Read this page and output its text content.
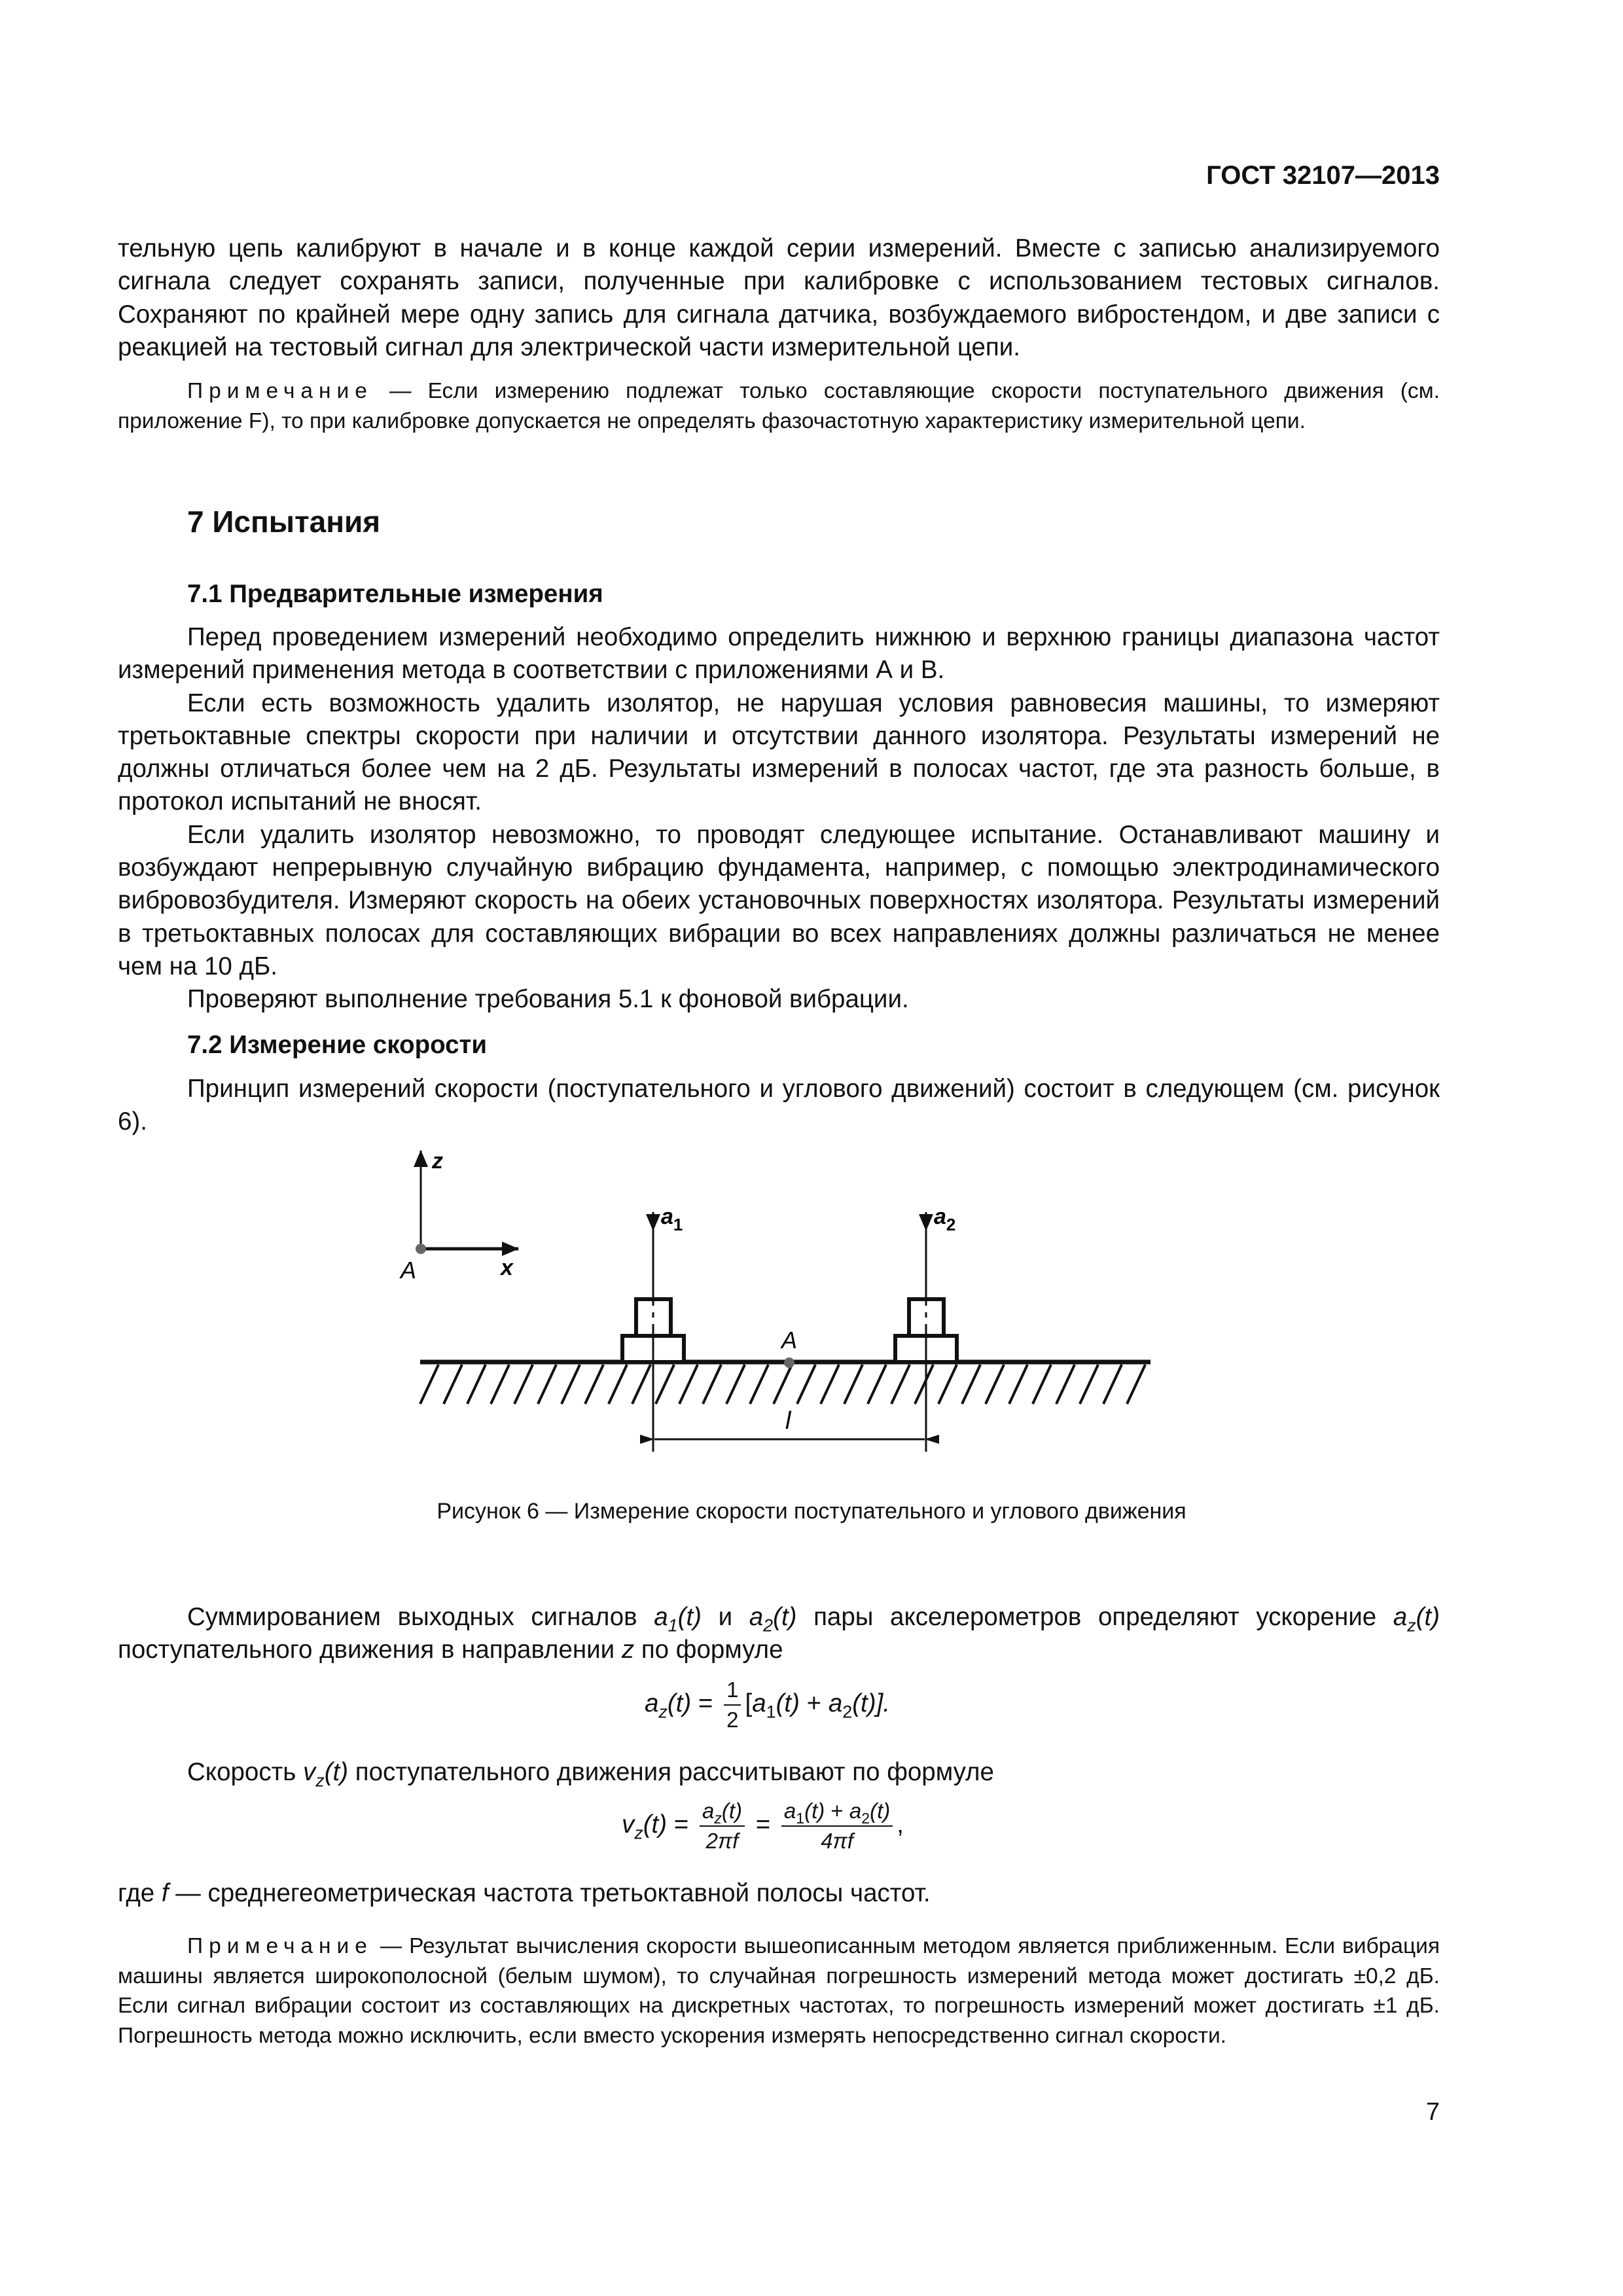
ГОСТ 32107—2013

тельную цепь калибруют в начале и в конце каждой серии измерений. Вместе с записью анализируемого сигнала следует сохранять записи, полученные при калибровке с использованием тестовых сигналов. Сохраняют по крайней мере одну запись для сигнала датчика, возбуждаемого вибростендом, и две записи с реакцией на тестовый сигнал для электрической части измерительной цепи.

Примечание — Если измерению подлежат только составляющие скорости поступательного движения (см. приложение F), то при калибровке допускается не определять фазочастотную характеристику измерительной цепи.

7 Испытания
7.1 Предварительные измерения

Перед проведением измерений необходимо определить нижнюю и верхнюю границы диапазона частот измерений применения метода в соответствии с приложениями А и В.

Если есть возможность удалить изолятор, не нарушая условия равновесия машины, то измеряют третьоктавные спектры скорости при наличии и отсутствии данного изолятора. Результаты измерений не должны отличаться более чем на 2 дБ. Результаты измерений в полосах частот, где эта разность больше, в протокол испытаний не вносят.

Если удалить изолятор невозможно, то проводят следующее испытание. Останавливают машину и возбуждают непрерывную случайную вибрацию фундамента, например, с помощью электродинамического вибровозбудителя. Измеряют скорость на обеих установочных поверхностях изолятора. Результаты измерений в третьоктавных полосах для составляющих вибрации во всех направлениях должны различаться не менее чем на 10 дБ.

Проверяют выполнение требования 5.1 к фоновой вибрации.

7.2 Измерение скорости

Принцип измерений скорости (поступательного и углового движений) состоит в следующем (см. рисунок 6).

z
x
A
$a_1$	$a_2$
A
l
Рисунок 6 — Измерение скорости поступательного и углового движения

Суммированием выходных сигналов $a_1(t)$ и $a_2(t)$ пары акселерометров определяют ускорение $a_z(t)$ поступательного движения в направлении z по формуле

$a_z(t) = \frac{1}{2} [a_1(t) + a_2(t)]$.

Скорость $v_z(t)$ поступательного движения рассчитывают по формуле

$v_z(t) = \frac{a_z(t)}{2\pi f} = \frac{a_1(t) + a_2(t)}{4\pi f}$ ,

где f — среднегеометрическая частота третьоктавной полосы частот.

Примечание — Результат вычисления скорости вышеописанным методом является приближенным. Если вибрация машины является широкополосной (белым шумом), то случайная погрешность измерений метода может достигать ±0,2 дБ. Если сигнал вибрации состоит из составляющих на дискретных частотах, то погрешность измерений может достигать ±1 дБ. Погрешность метода можно исключить, если вместо ускорения измерять непосредственно сигнал скорости.

7
